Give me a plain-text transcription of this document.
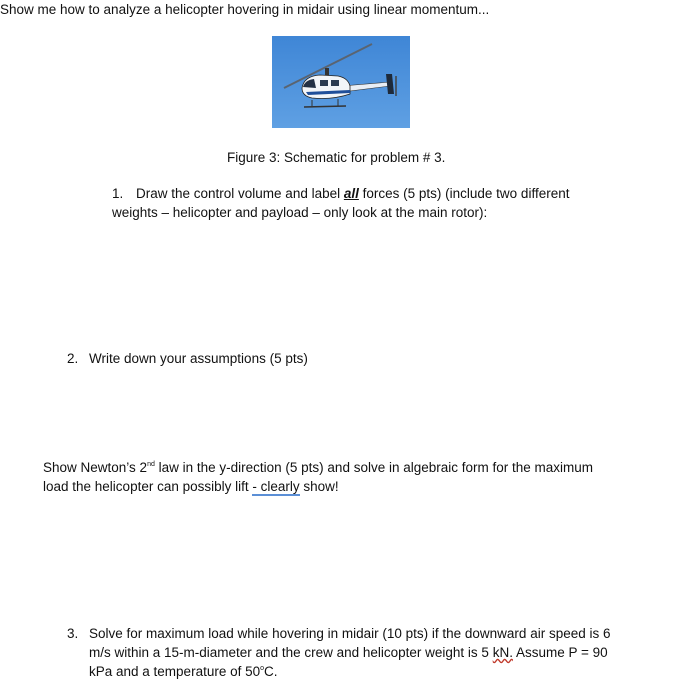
Show me how to analyze a helicopter hovering in midair using linear momentum...
Figure 3: Schematic for problem # 3.
1. Draw the control volume and label all forces (5 pts) (include two different
weights – helicopter and payload – only look at the main rotor):
2. Write down your assumptions (5 pts)
Show Newton’s 2nd law in the y-direction (5 pts) and solve in algebraic form for the maximum
load the helicopter can possibly lift - clearly show!
3. Solve for maximum load while hovering in midair (10 pts) if the downward air speed is 6
m/s within a 15-m-diameter and the crew and helicopter weight is 5 kN. Assume P = 90
kPa and a temperature of 50$^o$C.
